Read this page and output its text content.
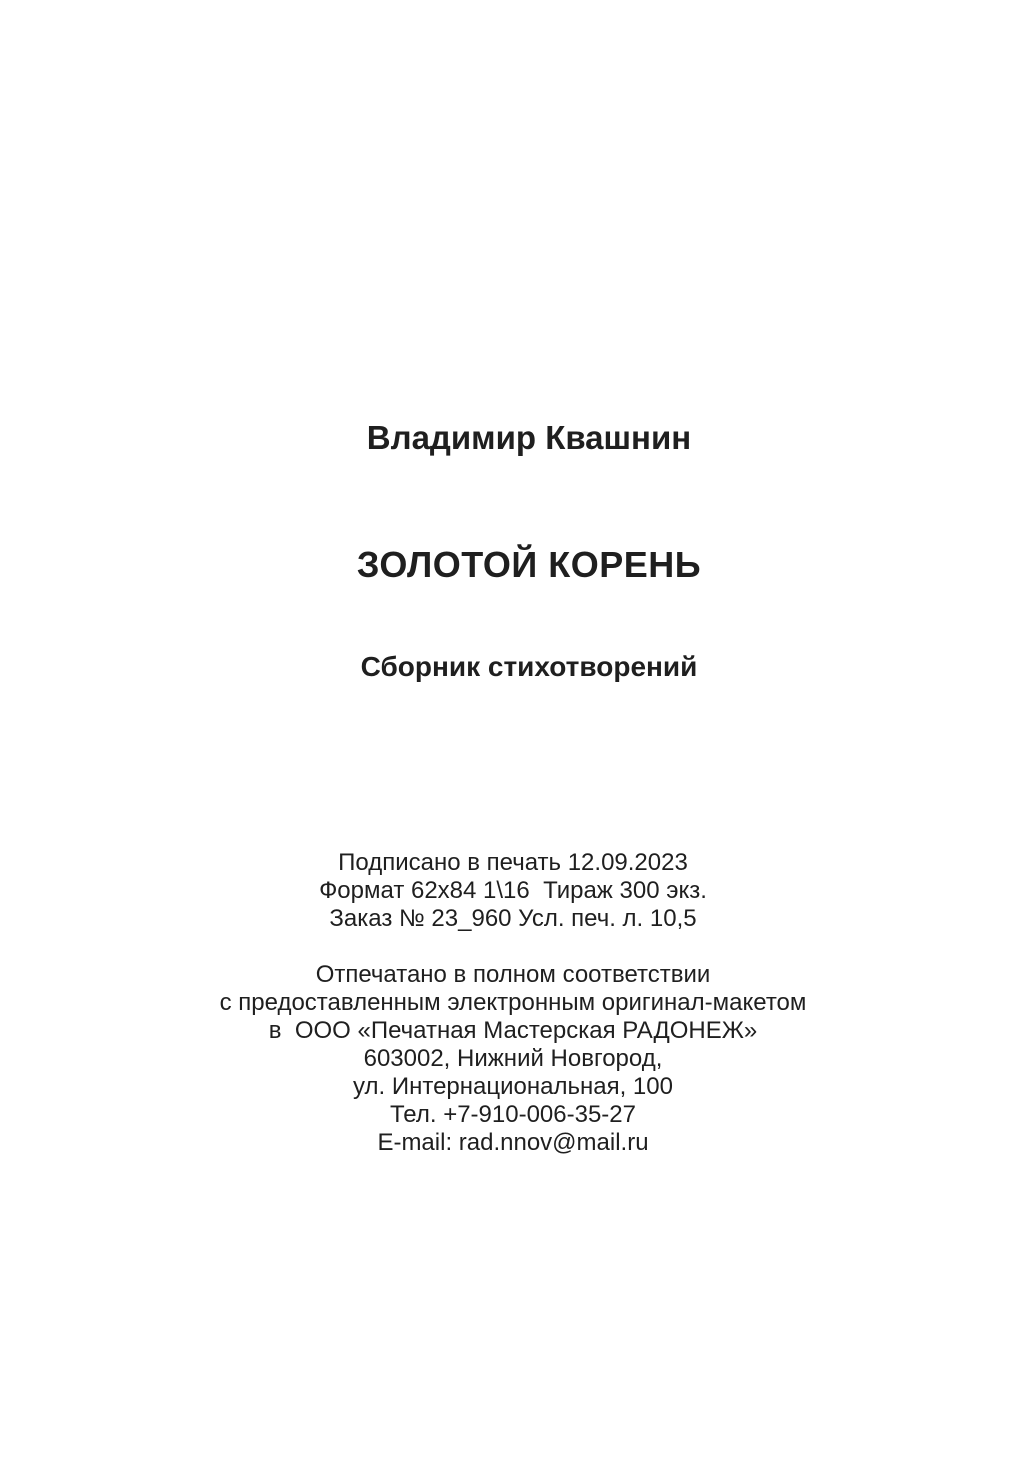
Владимир Квашнин
ЗОЛОТОЙ КОРЕНЬ
Сборник стихотворений
Подписано в печать 12.09.2023
Формат 62х84 1\16  Тираж 300 экз.
Заказ № 23_960 Усл. печ. л. 10,5
Отпечатано в полном соответствии
с предоставленным электронным оригинал-макетом
в  ООО «Печатная Мастерская РАДОНЕЖ»
603002, Нижний Новгород,
ул. Интернациональная, 100
Тел. +7-910-006-35-27
E-mail: rad.nnov@mail.ru
